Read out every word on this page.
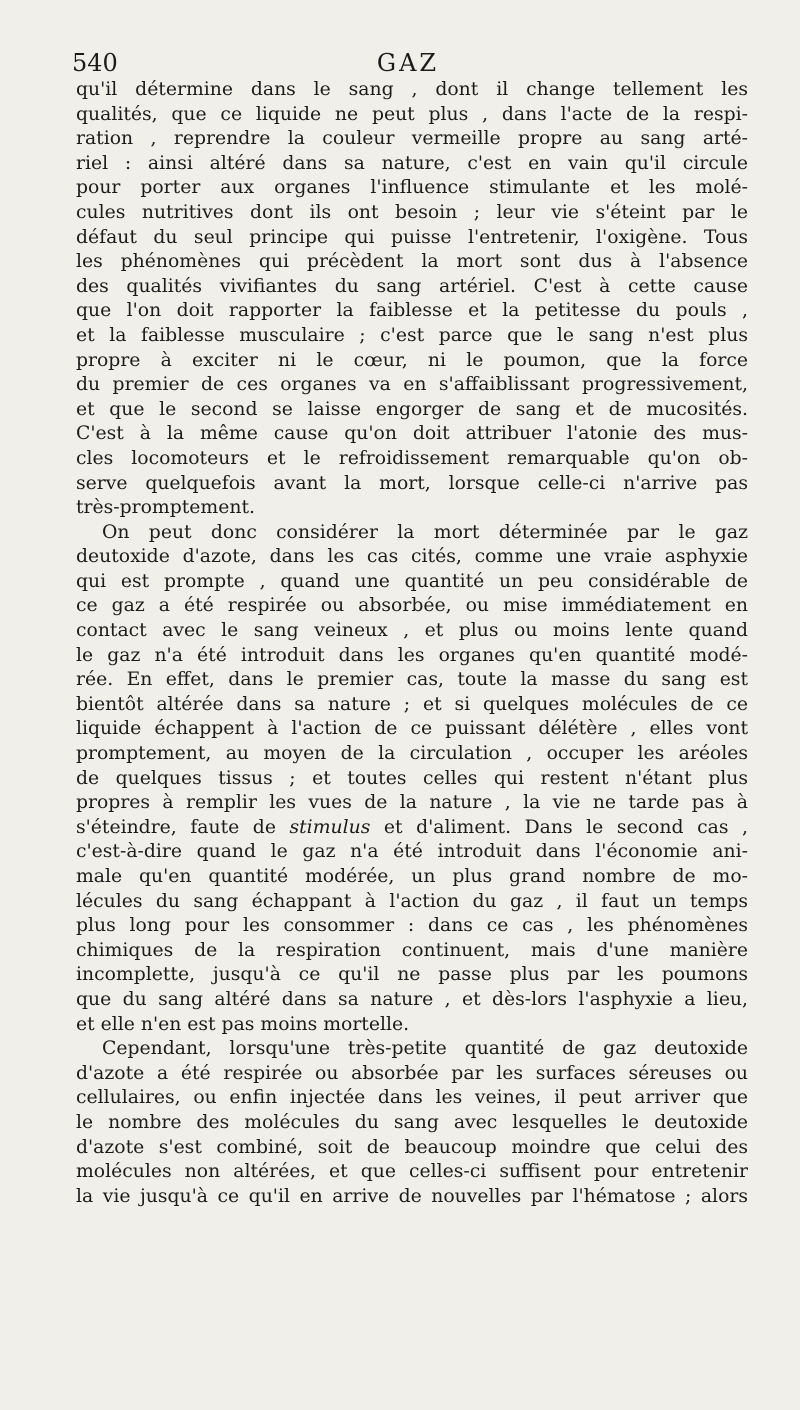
540	GAZ
qu'il détermine dans le sang , dont il change tellement les
qualités, que ce liquide ne peut plus , dans l'acte de la respi-
ration , reprendre la couleur vermeille propre au sang arté-
riel : ainsi altéré dans sa nature, c'est en vain qu'il circule
pour porter aux organes l'influence stimulante et les molé-
cules nutritives dont ils ont besoin ; leur vie s'éteint par le
défaut du seul principe qui puisse l'entretenir, l'oxigène. Tous
les phénomènes qui précèdent la mort sont dus à l'absence
des qualités vivifiantes du sang artériel. C'est à cette cause
que l'on doit rapporter la faiblesse et la petitesse du pouls ,
et la faiblesse musculaire ; c'est parce que le sang n'est plus
propre à exciter ni le cœur, ni le poumon, que la force
du premier de ces organes va en s'affaiblissant progressivement,
et que le second se laisse engorger de sang et de mucosités.
C'est à la même cause qu'on doit attribuer l'atonie des mus-
cles locomoteurs et le refroidissement remarquable qu'on ob-
serve quelquefois avant la mort, lorsque celle-ci n'arrive pas
très-promptement.
On peut donc considérer la mort déterminée par le gaz
deutoxide d'azote, dans les cas cités, comme une vraie asphyxie
qui est prompte , quand une quantité un peu considérable de
ce gaz a été respirée ou absorbée, ou mise immédiatement en
contact avec le sang veineux , et plus ou moins lente quand
le gaz n'a été introduit dans les organes qu'en quantité modé-
rée. En effet, dans le premier cas, toute la masse du sang est
bientôt altérée dans sa nature ; et si quelques molécules de ce
liquide échappent à l'action de ce puissant délétère , elles vont
promptement, au moyen de la circulation , occuper les aréoles
de quelques tissus ; et toutes celles qui restent n'étant plus
propres à remplir les vues de la nature , la vie ne tarde pas à
s'éteindre, faute de stimulus et d'aliment. Dans le second cas ,
c'est-à-dire quand le gaz n'a été introduit dans l'économie ani-
male qu'en quantité modérée, un plus grand nombre de mo-
lécules du sang échappant à l'action du gaz , il faut un temps
plus long pour les consommer : dans ce cas , les phénomènes
chimiques de la respiration continuent, mais d'une manière
incomplette, jusqu'à ce qu'il ne passe plus par les poumons
que du sang altéré dans sa nature , et dès-lors l'asphyxie a lieu,
et elle n'en est pas moins mortelle.
Cependant, lorsqu'une très-petite quantité de gaz deutoxide
d'azote a été respirée ou absorbée par les surfaces séreuses ou
cellulaires, ou enfin injectée dans les veines, il peut arriver que
le nombre des molécules du sang avec lesquelles le deutoxide
d'azote s'est combiné, soit de beaucoup moindre que celui des
molécules non altérées, et que celles-ci suffisent pour entretenir
la vie jusqu'à ce qu'il en arrive de nouvelles par l'hématose ; alors
